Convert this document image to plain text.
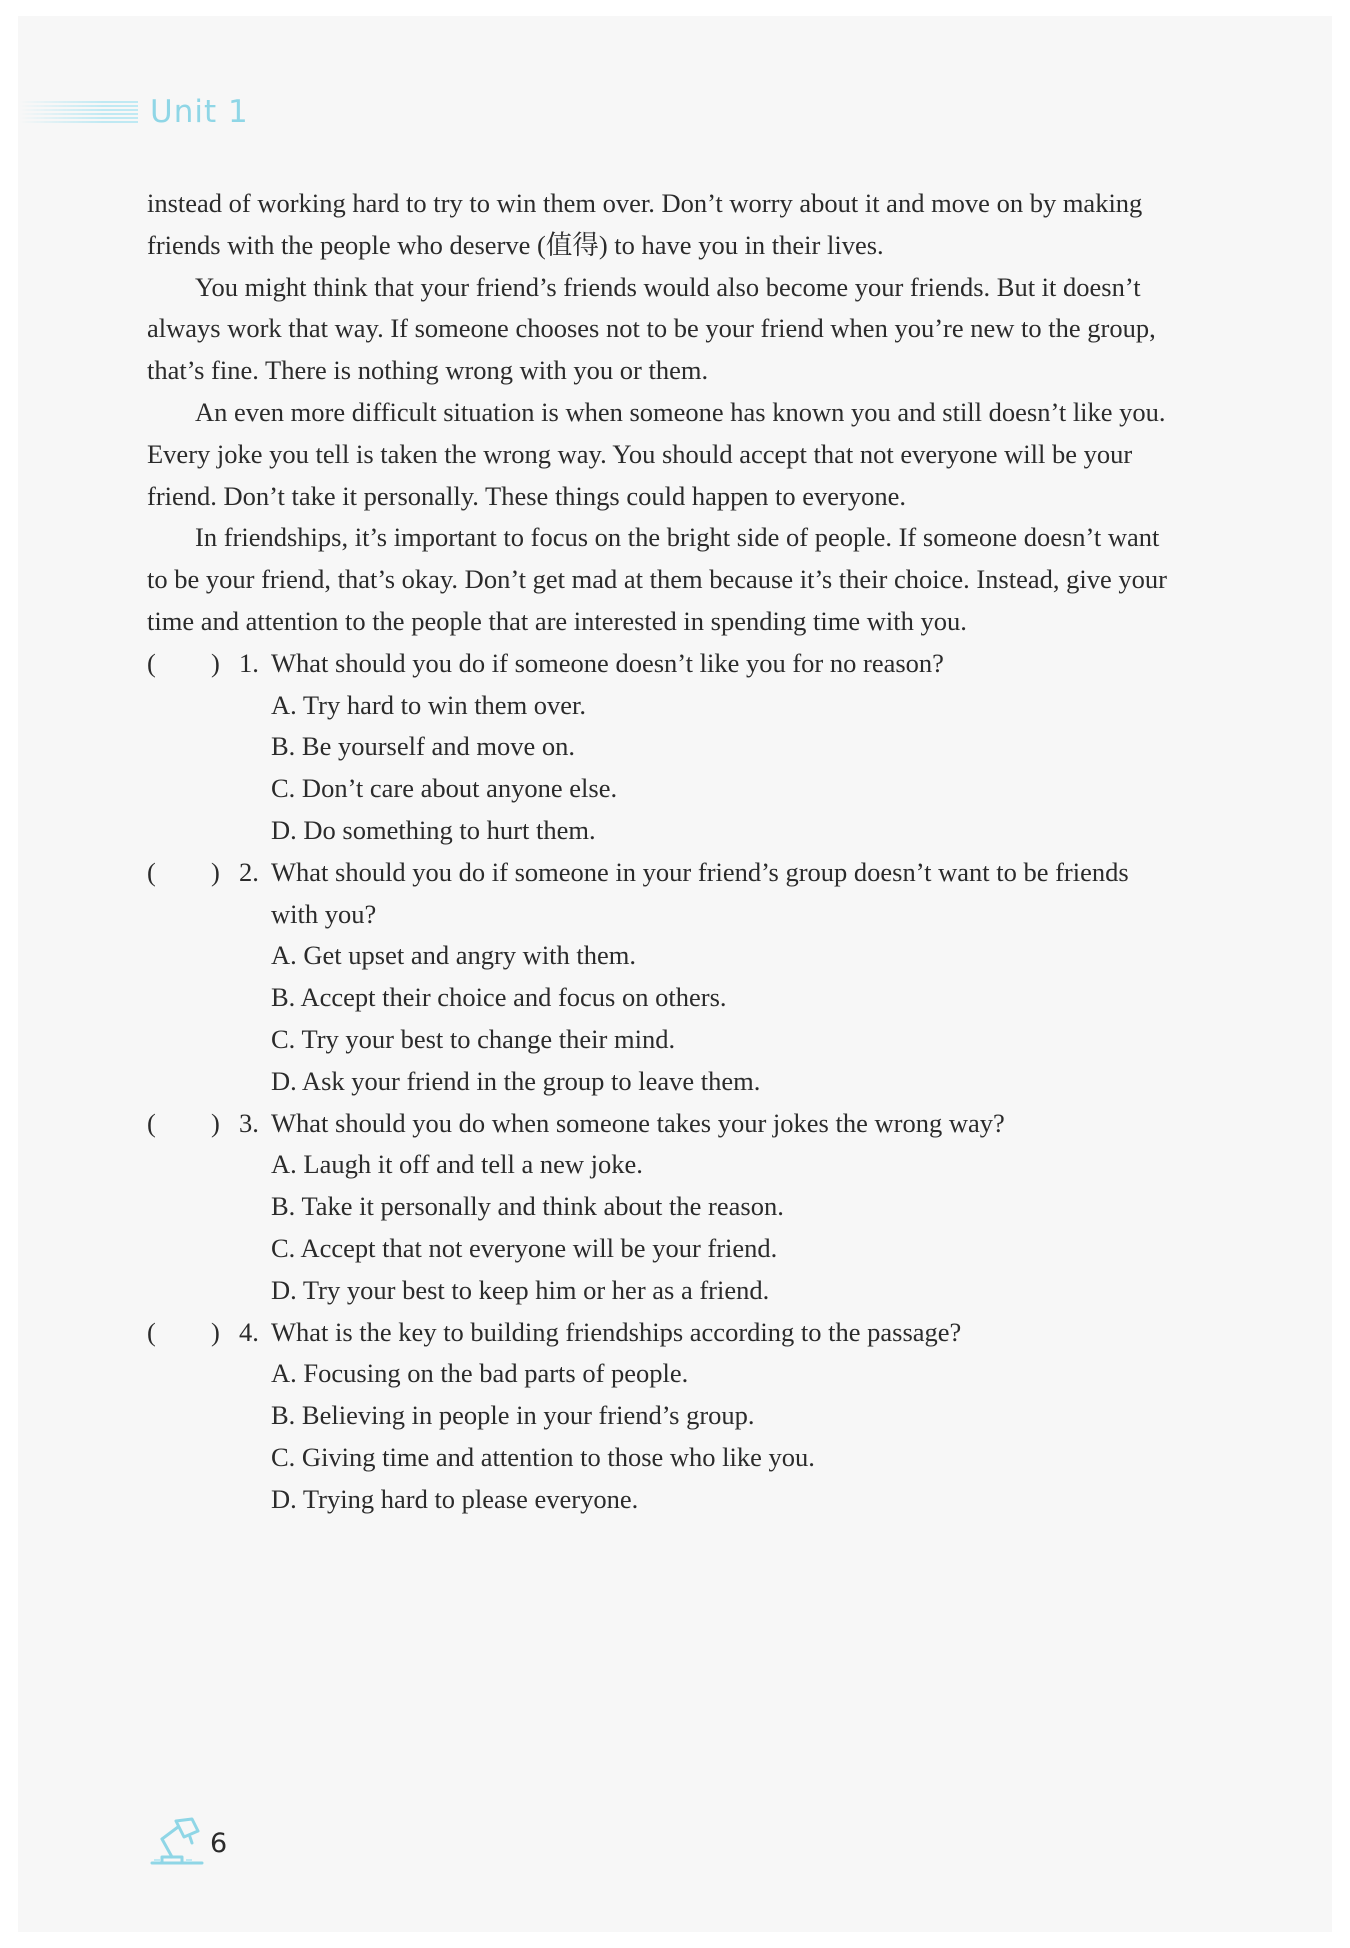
Unit 1

instead of working hard to try to win them over. Don’t worry about it and move on by making friends with the people who deserve (值得) to have you in their lives.

You might think that your friend’s friends would also become your friends. But it doesn’t always work that way. If someone chooses not to be your friend when you’re new to the group, that’s fine. There is nothing wrong with you or them.

An even more difficult situation is when someone has known you and still doesn’t like you. Every joke you tell is taken the wrong way. You should accept that not everyone will be your friend. Don’t take it personally. These things could happen to everyone.

In friendships, it’s important to focus on the bright side of people. If someone doesn’t want to be your friend, that’s okay. Don’t get mad at them because it’s their choice. Instead, give your time and attention to the people that are interested in spending time with you.

( ) 1. What should you do if someone doesn’t like you for no reason?
A. Try hard to win them over.
B. Be yourself and move on.
C. Don’t care about anyone else.
D. Do something to hurt them.
( ) 2. What should you do if someone in your friend’s group doesn’t want to be friends with you?
A. Get upset and angry with them.
B. Accept their choice and focus on others.
C. Try your best to change their mind.
D. Ask your friend in the group to leave them.
( ) 3. What should you do when someone takes your jokes the wrong way?
A. Laugh it off and tell a new joke.
B. Take it personally and think about the reason.
C. Accept that not everyone will be your friend.
D. Try your best to keep him or her as a friend.
( ) 4. What is the key to building friendships according to the passage?
A. Focusing on the bad parts of people.
B. Believing in people in your friend’s group.
C. Giving time and attention to those who like you.
D. Trying hard to please everyone.
6
